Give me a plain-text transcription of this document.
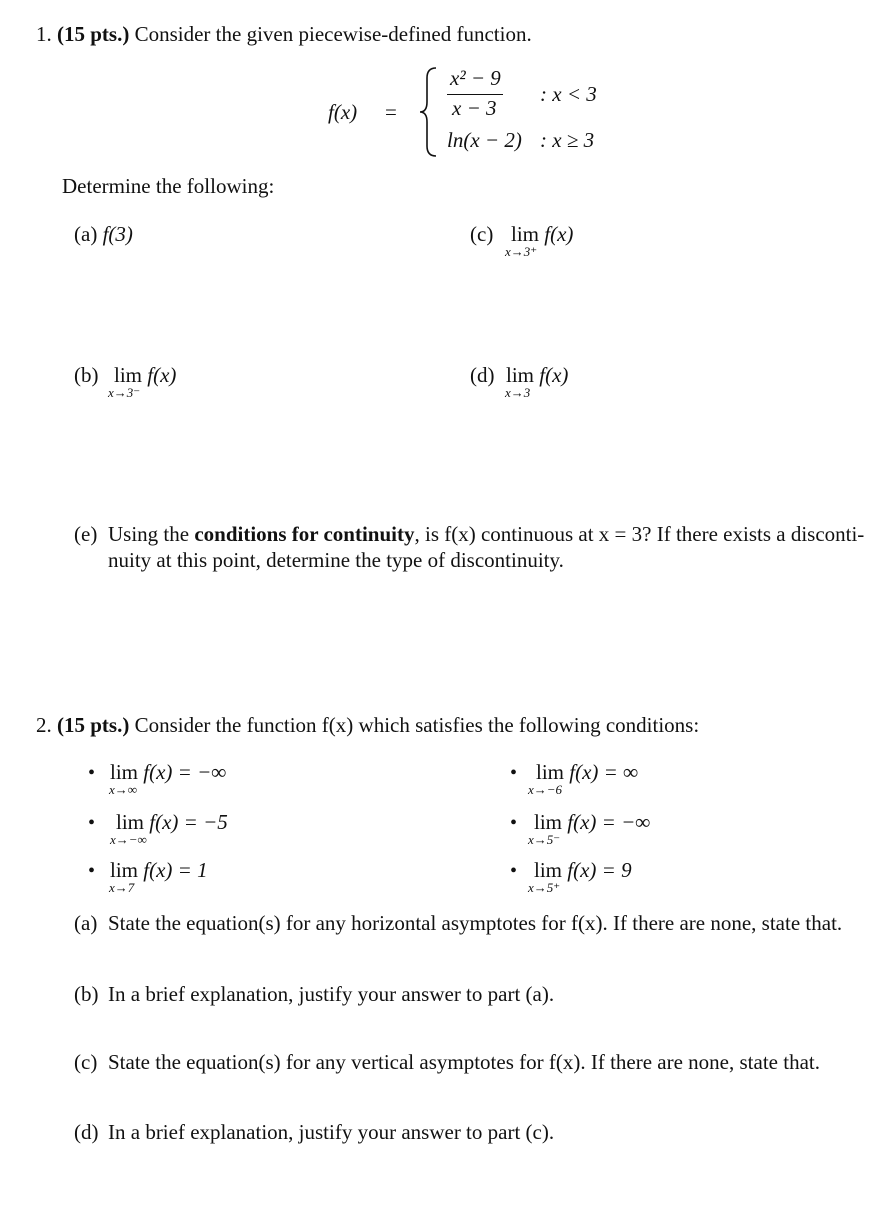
1. (15 pts.) Consider the given piecewise-defined function.
f(x) =
x² − 9
x − 3
: x < 3
ln(x − 2) : x ≥ 3
Determine the following:
(a) f(3)	(c) lim f(x)
x→3⁺
(b) lim f(x)
x→3⁻
(d) lim f(x)
x→3
(e) Using the conditions for continuity, is f(x) continuous at x = 3? If there exists a disconti-
nuity at this point, determine the type of discontinuity.
2. (15 pts.) Consider the function f(x) which satisfies the following conditions:
• lim f(x) = −∞
x→∞
• lim f(x) = −5
x→−∞
• lim f(x) = 1
x→7
• lim f(x) = ∞
x→−6
• lim f(x) = −∞
x→5⁻
• lim f(x) = 9
x→5⁺
(a) State the equation(s) for any horizontal asymptotes for f(x). If there are none, state that.
(b) In a brief explanation, justify your answer to part (a).
(c) State the equation(s) for any vertical asymptotes for f(x). If there are none, state that.
(d) In a brief explanation, justify your answer to part (c).
